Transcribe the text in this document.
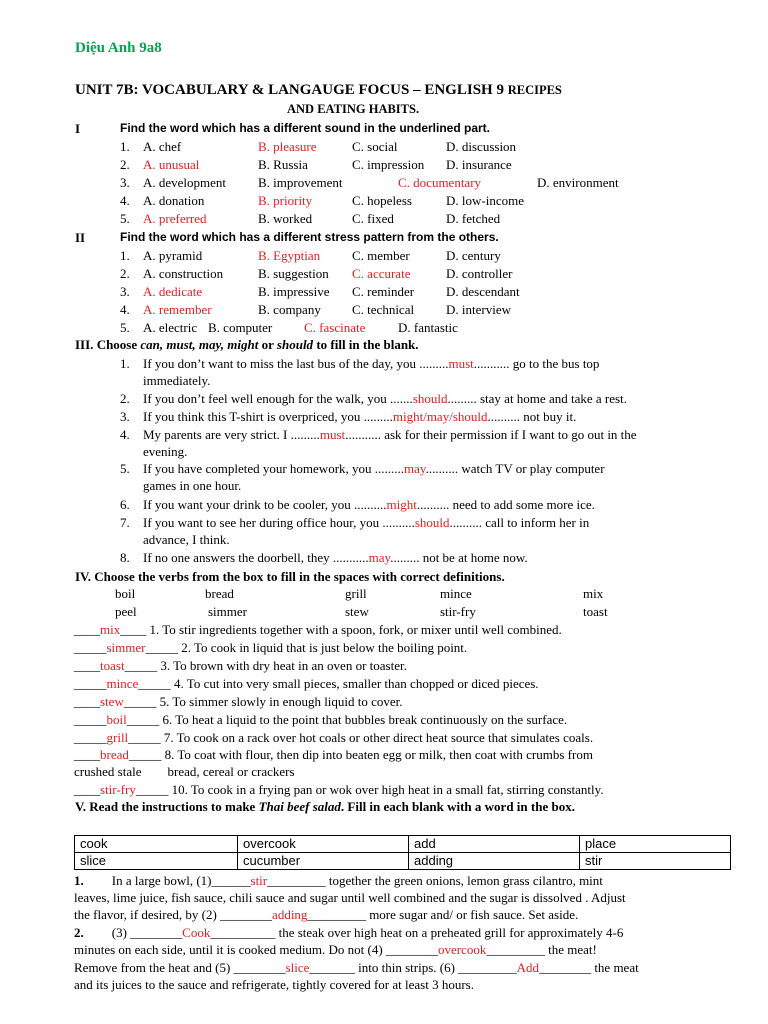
Diệu Anh 9a8
UNIT 7B: VOCABULARY & LANGAUGE FOCUS – ENGLISH 9 RECIPES
AND EATING HABITS.
I	Find the word which has a different sound in the underlined part.
1. A. chef	B. pleasure	C. social	D. discussion
2. A. unusual	B. Russia	C. impression D. insurance
3. A. development B. improvement	C. documentary	D. environment
4. A. donation	B. priority	C. hopeless	D. low-income
5. A. preferred	B. worked	C. fixed	D. fetched
II	Find the word which has a different stress pattern from the others.
1. A. pyramid	B. Egyptian C. member	D. century
2. A. construction	B. suggestion C. accurate	D. controller
3. A. dedicate	B. impressive C. reminder D. descendant
4. A. remember	B. company C. technical D. interview
5. A. electric B. computer C. fascinate	D. fantastic
III. Choose can, must, may, might or should to fill in the blank.
1. If you don’t want to miss the last bus of the day, you .........must........... go to the bus top
immediately.
2. If you don’t feel well enough for the walk, you .......should......... stay at home and take a rest.
3. If you think this T-shirt is overpriced, you .........might/may/should.......... not buy it.
4. My parents are very strict. I .........must........... ask for their permission if I want to go out in the
evening.
5. If you have completed your homework, you .........may.......... watch TV or play computer
games in one hour.
6. If you want your drink to be cooler, you ..........might.......... need to add some more ice.
7. If you want to see her during office hour, you ..........should.......... call to inform her in
advance, I think.
8. If no one answers the doorbell, they ...........may......... not be at home now.
IV. Choose the verbs from the box to fill in the spaces with correct definitions.
boil	bread	grill	mince	mix
peel	simmer	stew	stir-fry	toast
____mix____ 1. To stir ingredients together with a spoon, fork, or mixer until well combined.
_____simmer_____ 2. To cook in liquid that is just below the boiling point.
____toast_____ 3. To brown with dry heat in an oven or toaster.
_____mince_____ 4. To cut into very small pieces, smaller than chopped or diced pieces.
____stew_____ 5. To simmer slowly in enough liquid to cover.
_____boil_____ 6. To heat a liquid to the point that bubbles break continuously on the surface.
_____grill_____ 7. To cook on a rack over hot coals or other direct heat source that simulates coals.
____bread_____ 8. To coat with flour, then dip into beaten egg or milk, then coat with crumbs from
crushed stale        bread, cereal or crackers
____stir-fry_____ 10. To cook in a frying pan or wok over high heat in a small fat, stirring constantly.
V. Read the instructions to make Thai beef salad. Fill in each blank with a word in the box.
cook	overcook	add	place
slice	cucumber	adding	stir
1. In a large bowl, (1)______stir_________ together the green onions, lemon grass cilantro, mint
leaves, lime juice, fish sauce, chili sauce and sugar until well combined and the sugar is dissolved . Adjust
the flavor, if desired, by (2) ________adding_________ more sugar and/ or fish sauce. Set aside.
2. (3) ________Cook__________ the steak over high heat on a preheated grill for approximately 4-6
minutes on each side, until it is cooked medium. Do not (4) ________overcook_________ the meat!
Remove from the heat and (5) ________slice_______ into thin strips. (6) _________Add________ the meat
and its juices to the sauce and refrigerate, tightly covered for at least 3 hours.
